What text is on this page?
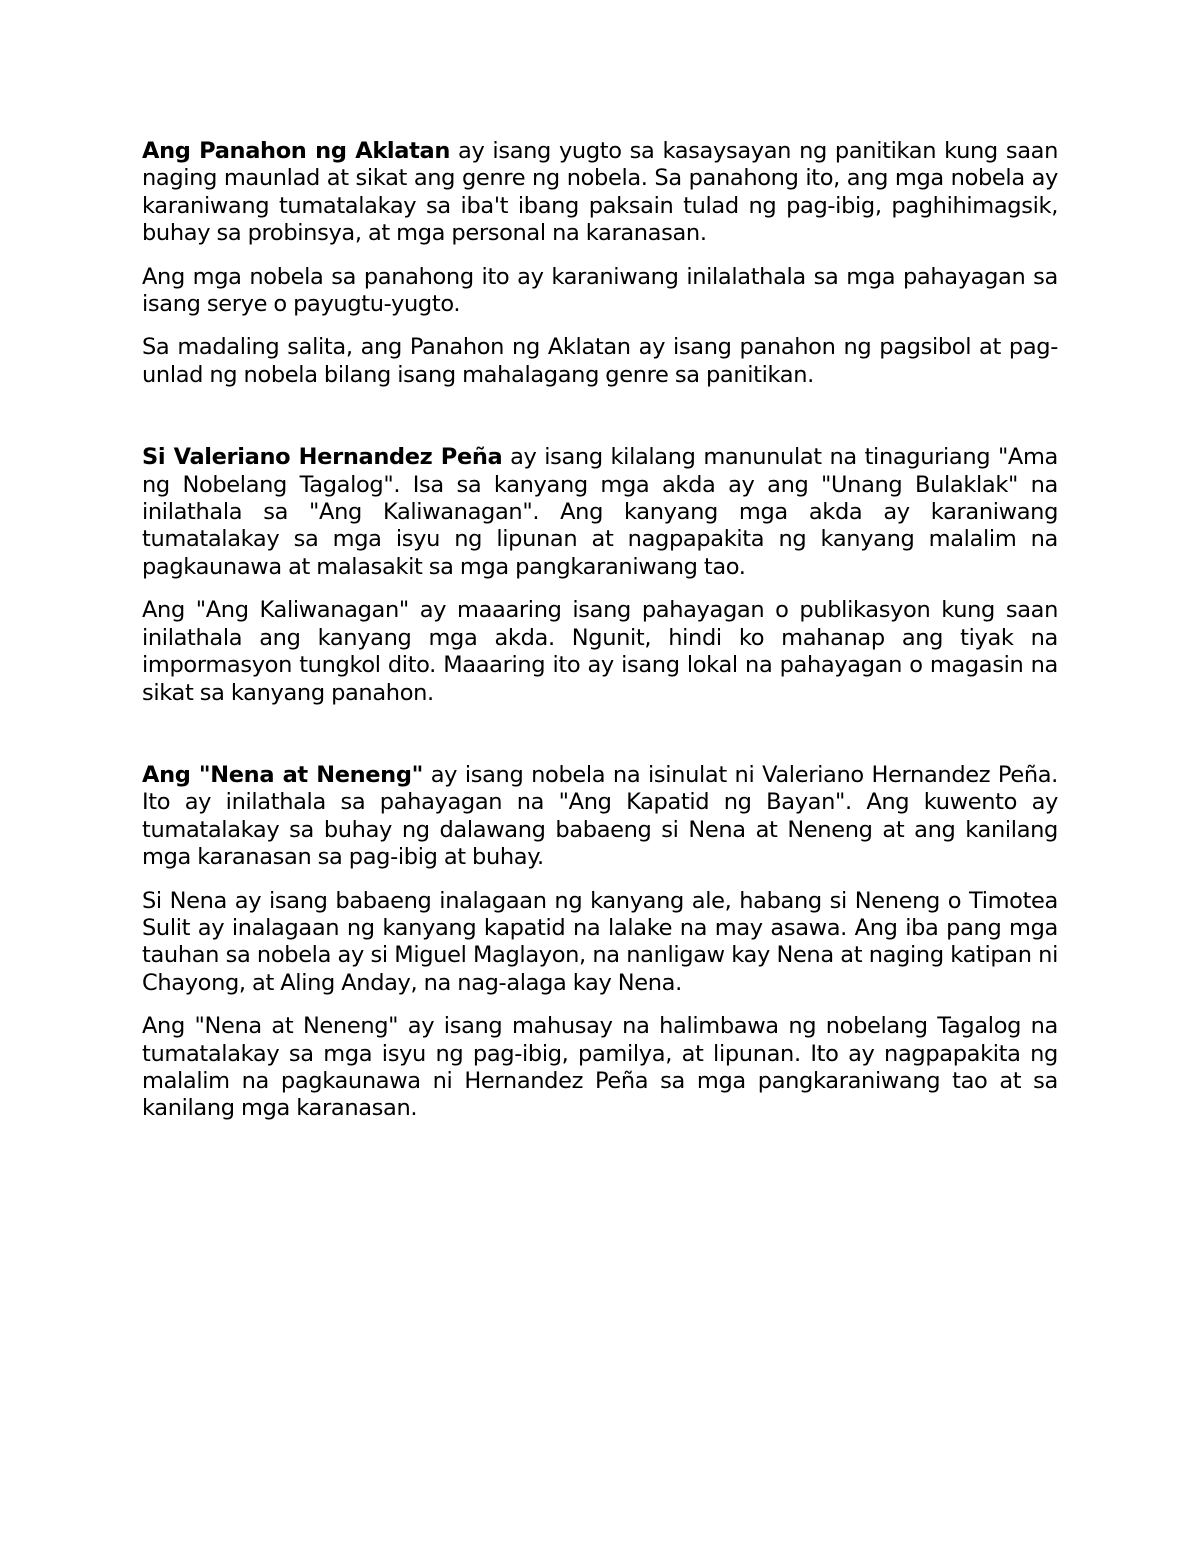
Ang Panahon ng Aklatan ay isang yugto sa kasaysayan ng panitikan kung saan naging maunlad at sikat ang genre ng nobela. Sa panahong ito, ang mga nobela ay karaniwang tumatalakay sa iba't ibang paksain tulad ng pag-ibig, paghihimagsik, buhay sa probinsya, at mga personal na karanasan.

Ang mga nobela sa panahong ito ay karaniwang inilalathala sa mga pahayagan sa isang serye o payugtu-yugto.

Sa madaling salita, ang Panahon ng Aklatan ay isang panahon ng pagsibol at pag-unlad ng nobela bilang isang mahalagang genre sa panitikan.

Si Valeriano Hernandez Peña ay isang kilalang manunulat na tinaguriang "Ama ng Nobelang Tagalog". Isa sa kanyang mga akda ay ang "Unang Bulaklak" na inilathala sa "Ang Kaliwanagan". Ang kanyang mga akda ay karaniwang tumatalakay sa mga isyu ng lipunan at nagpapakita ng kanyang malalim na pagkaunawa at malasakit sa mga pangkaraniwang tao.

Ang "Ang Kaliwanagan" ay maaaring isang pahayagan o publikasyon kung saan inilathala ang kanyang mga akda. Ngunit, hindi ko mahanap ang tiyak na impormasyon tungkol dito. Maaaring ito ay isang lokal na pahayagan o magasin na sikat sa kanyang panahon.

Ang "Nena at Neneng" ay isang nobela na isinulat ni Valeriano Hernandez Peña. Ito ay inilathala sa pahayagan na "Ang Kapatid ng Bayan". Ang kuwento ay tumatalakay sa buhay ng dalawang babaeng si Nena at Neneng at ang kanilang mga karanasan sa pag-ibig at buhay.

Si Nena ay isang babaeng inalagaan ng kanyang ale, habang si Neneng o Timotea Sulit ay inalagaan ng kanyang kapatid na lalake na may asawa. Ang iba pang mga tauhan sa nobela ay si Miguel Maglayon, na nanligaw kay Nena at naging katipan ni Chayong, at Aling Anday, na nag-alaga kay Nena.

Ang "Nena at Neneng" ay isang mahusay na halimbawa ng nobelang Tagalog na tumatalakay sa mga isyu ng pag-ibig, pamilya, at lipunan. Ito ay nagpapakita ng malalim na pagkaunawa ni Hernandez Peña sa mga pangkaraniwang tao at sa kanilang mga karanasan.
